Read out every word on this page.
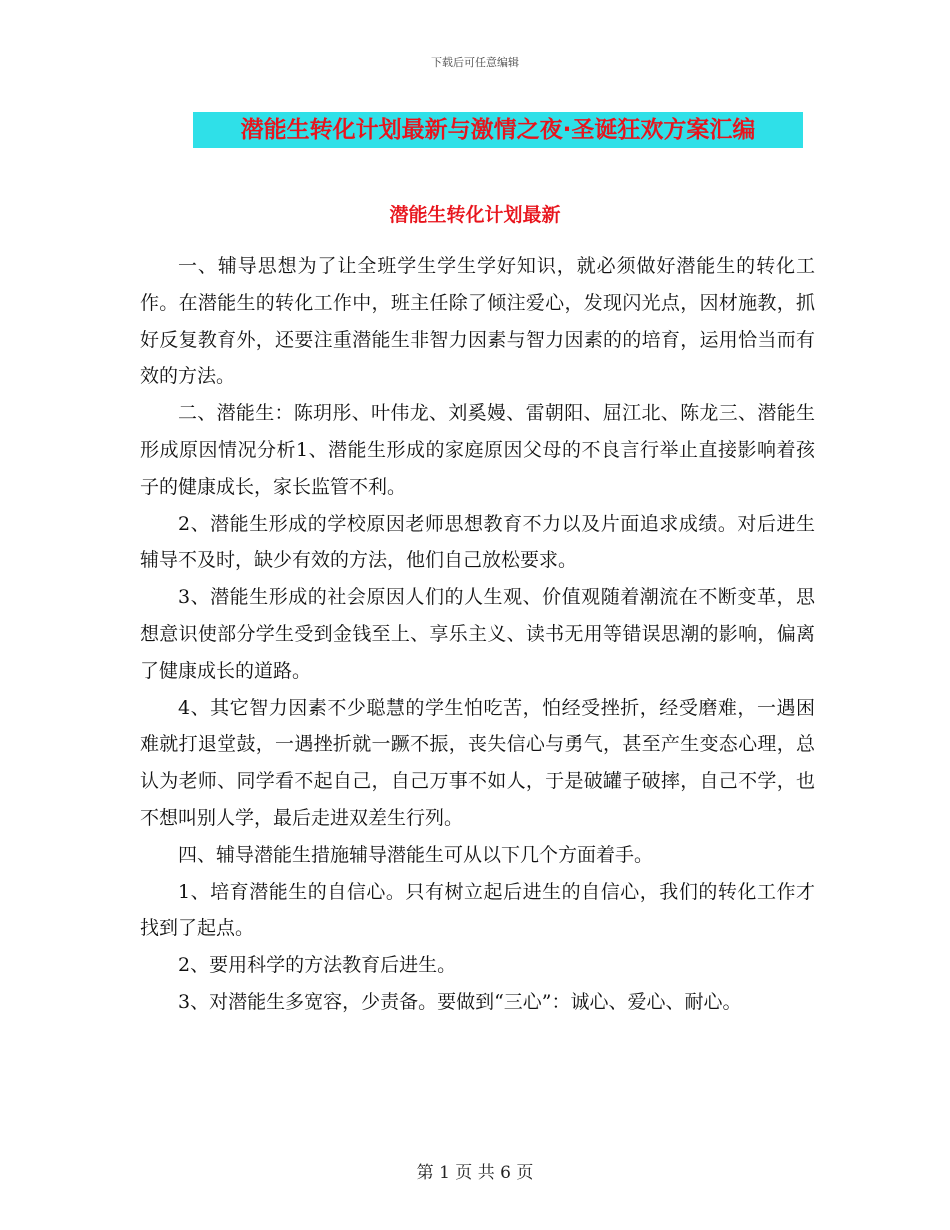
下载后可任意编辑
潜能生转化计划最新与激情之夜·圣诞狂欢方案汇编
潜能生转化计划最新

一、辅导思想为了让全班学生学生学好知识，就必须做好潜能生的转化工作。在潜能生的转化工作中，班主任除了倾注爱心，发现闪光点，因材施教，抓好反复教育外，还要注重潜能生非智力因素与智力因素的的培育，运用恰当而有效的方法。

二、潜能生：陈玥彤、叶伟龙、刘奚嫚、雷朝阳、屈江北、陈龙三、潜能生形成原因情况分析1、潜能生形成的家庭原因父母的不良言行举止直接影响着孩子的健康成长，家长监管不利。

2、潜能生形成的学校原因老师思想教育不力以及片面追求成绩。对后进生辅导不及时，缺少有效的方法，他们自己放松要求。

3、潜能生形成的社会原因人们的人生观、价值观随着潮流在不断变革，思想意识使部分学生受到金钱至上、享乐主义、读书无用等错误思潮的影响，偏离了健康成长的道路。

4、其它智力因素不少聪慧的学生怕吃苦，怕经受挫折，经受磨难，一遇困难就打退堂鼓，一遇挫折就一蹶不振，丧失信心与勇气，甚至产生变态心理，总认为老师、同学看不起自己，自己万事不如人，于是破罐子破摔，自己不学，也不想叫别人学，最后走进双差生行列。

四、辅导潜能生措施辅导潜能生可从以下几个方面着手。

1、培育潜能生的自信心。只有树立起后进生的自信心，我们的转化工作才找到了起点。

2、要用科学的方法教育后进生。

3、对潜能生多宽容，少责备。要做到“三心”：诚心、爱心、耐心。

第 1 页 共 6 页
